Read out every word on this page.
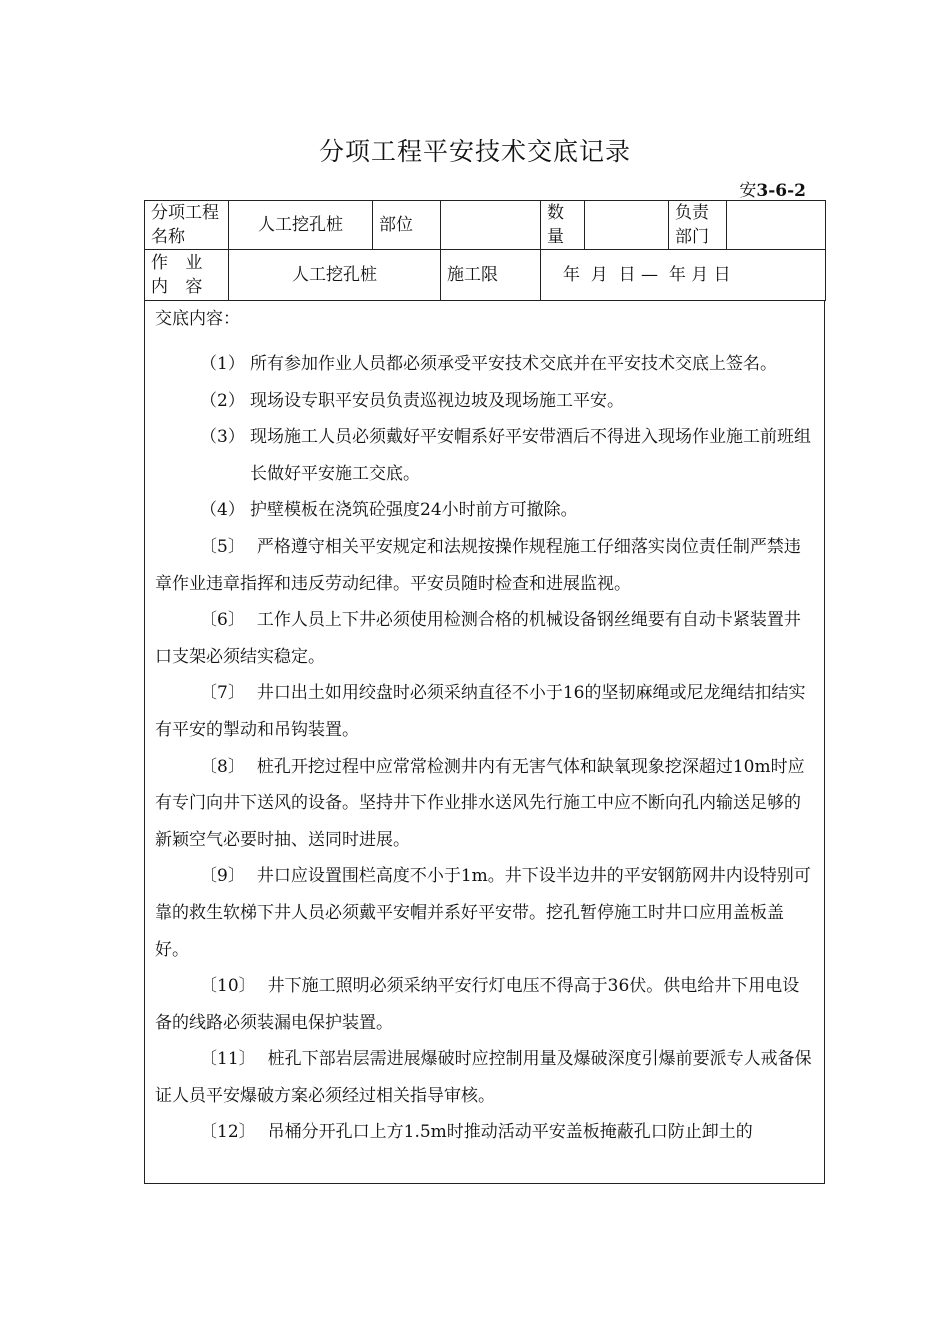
分项工程平安技术交底记录
安3-6-2
分项工程名称	人工挖孔桩	部位		数量		负责部门	
作 业 内 容	人工挖孔桩		施工限	年  月  日 —  年 月 日			
交底内容：

（1） 所有参加作业人员都必须承受平安技术交底并在平安技术交底上签名。

（2） 现场设专职平安员负责巡视边坡及现场施工平安。

（3） 现场施工人员必须戴好平安帽系好平安带酒后不得进入现场作业施工前班组长做好平安施工交底。

（4） 护壁模板在浇筑砼强度24小时前方可撤除。

〔5〕 严格遵守相关平安规定和法规按操作规程施工仔细落实岗位责任制严禁违章作业违章指挥和违反劳动纪律。平安员随时检查和进展监视。

〔6〕 工作人员上下井必须使用检测合格的机械设备钢丝绳要有自动卡紧装置井口支架必须结实稳定。

〔7〕 井口出土如用绞盘时必须采纳直径不小于16的坚韧麻绳或尼龙绳结扣结实有平安的掣动和吊钩装置。

〔8〕 桩孔开挖过程中应常常检测井内有无害气体和缺氧现象挖深超过10m时应有专门向井下送风的设备。坚持井下作业排水送风先行施工中应不断向孔内输送足够的新颖空气必要时抽、送同时进展。

〔9〕 井口应设置围栏高度不小于1m。井下设半边井的平安钢筋网井内设特别可靠的救生软梯下井人员必须戴平安帽并系好平安带。挖孔暂停施工时井口应用盖板盖好。

〔10〕 井下施工照明必须采纳平安行灯电压不得高于36伏。供电给井下用电设备的线路必须装漏电保护装置。

〔11〕 桩孔下部岩层需进展爆破时应控制用量及爆破深度引爆前要派专人戒备保证人员平安爆破方案必须经过相关指导审核。

〔12〕 吊桶分开孔口上方1.5m时推动活动平安盖板掩蔽孔口防止卸土的
